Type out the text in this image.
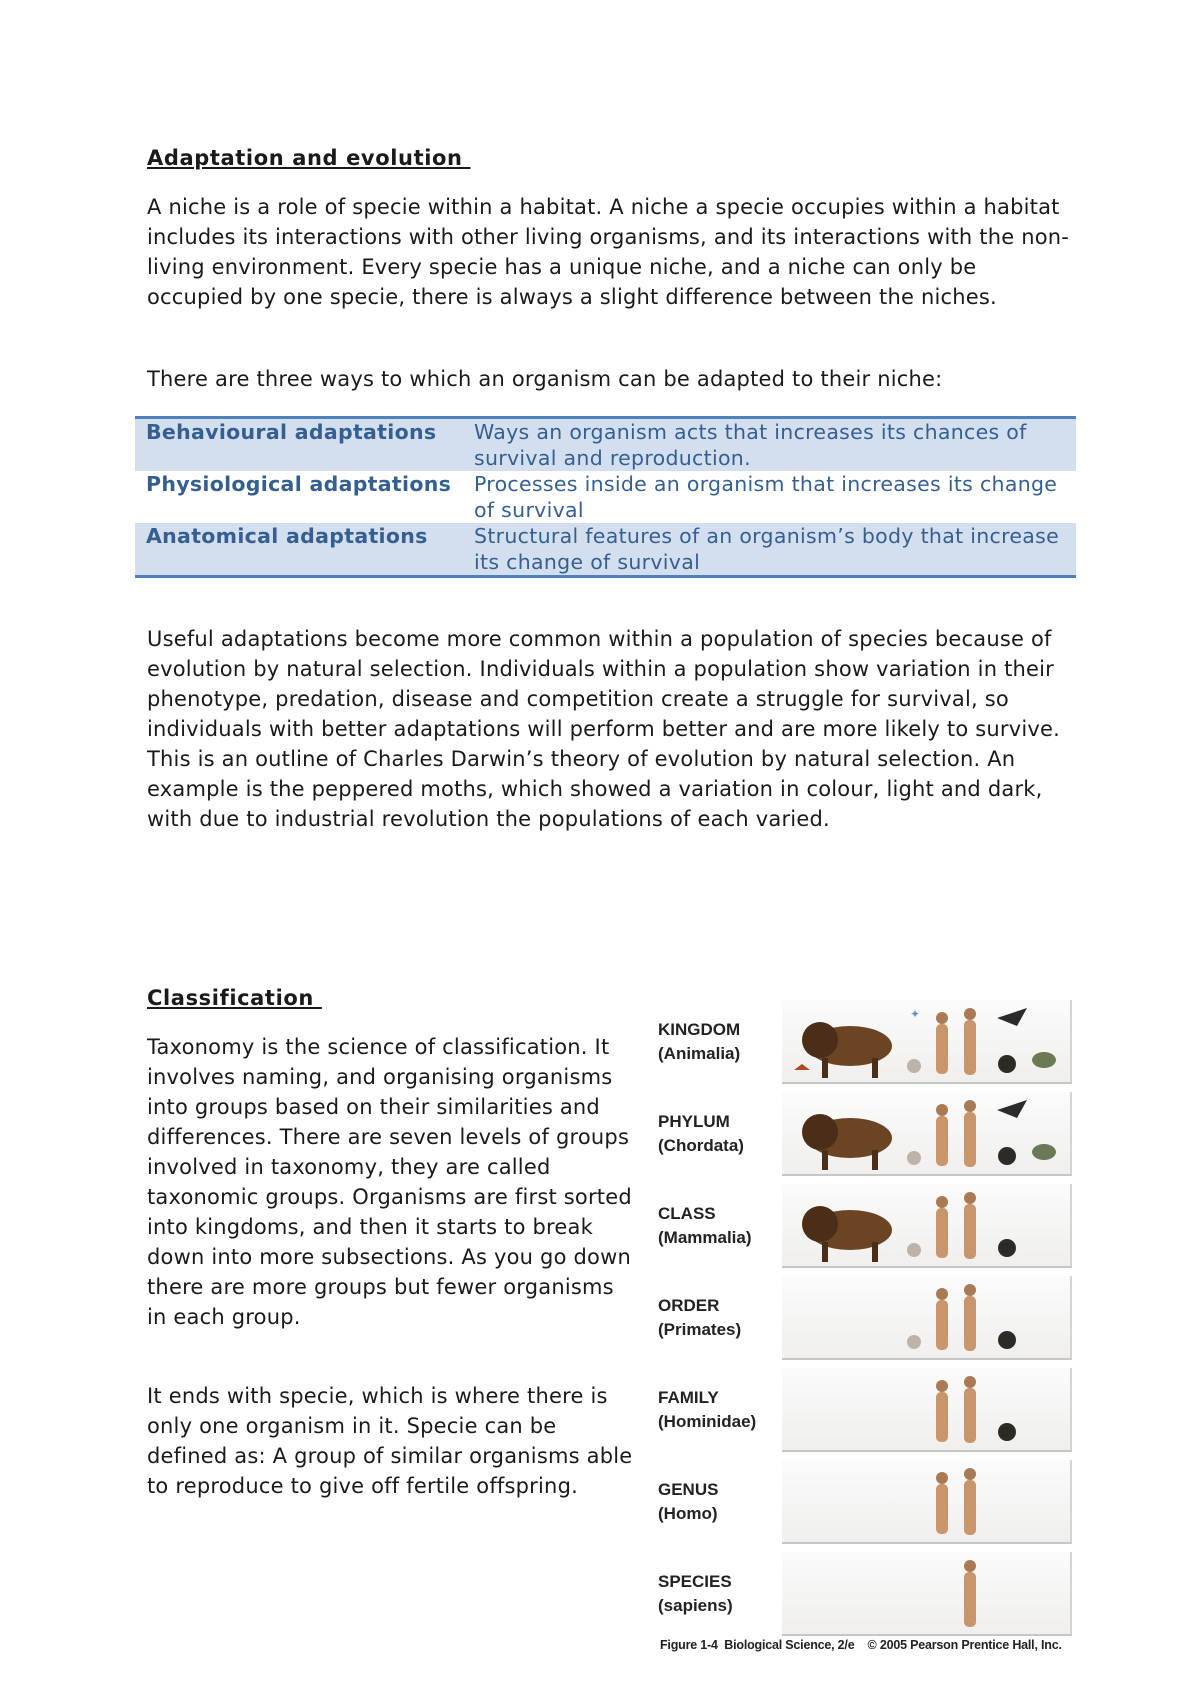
Adaptation and evolution
A niche is a role of specie within a habitat. A niche a specie occupies within a habitat includes its interactions with other living organisms, and its interactions with the non-living environment. Every specie has a unique niche, and a niche can only be occupied by one specie, there is always a slight difference between the niches.
There are three ways to which an organism can be adapted to their niche:
Behavioural adaptations	Ways an organism acts that increases its chances of survival and reproduction.
Physiological adaptations	Processes inside an organism that increases its change of survival
Anatomical adaptations	Structural features of an organism’s body that increase its change of survival
Useful adaptations become more common within a population of species because of evolution by natural selection. Individuals within a population show variation in their phenotype, predation, disease and competition create a struggle for survival, so individuals with better adaptations will perform better and are more likely to survive. This is an outline of Charles Darwin’s theory of evolution by natural selection. An example is the peppered moths, which showed a variation in colour, light and dark, with due to industrial revolution the populations of each varied.
Classification
Taxonomy is the science of classification. It involves naming, and organising organisms into groups based on their similarities and differences. There are seven levels of groups involved in taxonomy, they are called taxonomic groups. Organisms are first sorted into kingdoms, and then it starts to break down into more subsections. As you go down there are more groups but fewer organisms in each group.
It ends with specie, which is where there is only one organism in it. Specie can be defined as: A group of similar organisms able to reproduce to give off fertile offspring.
KINGDOM
(Animalia)
✦
PHYLUM
(Chordata)
CLASS
(Mammalia)
ORDER
(Primates)
FAMILY
(Hominidae)
GENUS
(Homo)
SPECIES
(sapiens)
Figure 1-4  Biological Science, 2/e    © 2005 Pearson Prentice Hall, Inc.
